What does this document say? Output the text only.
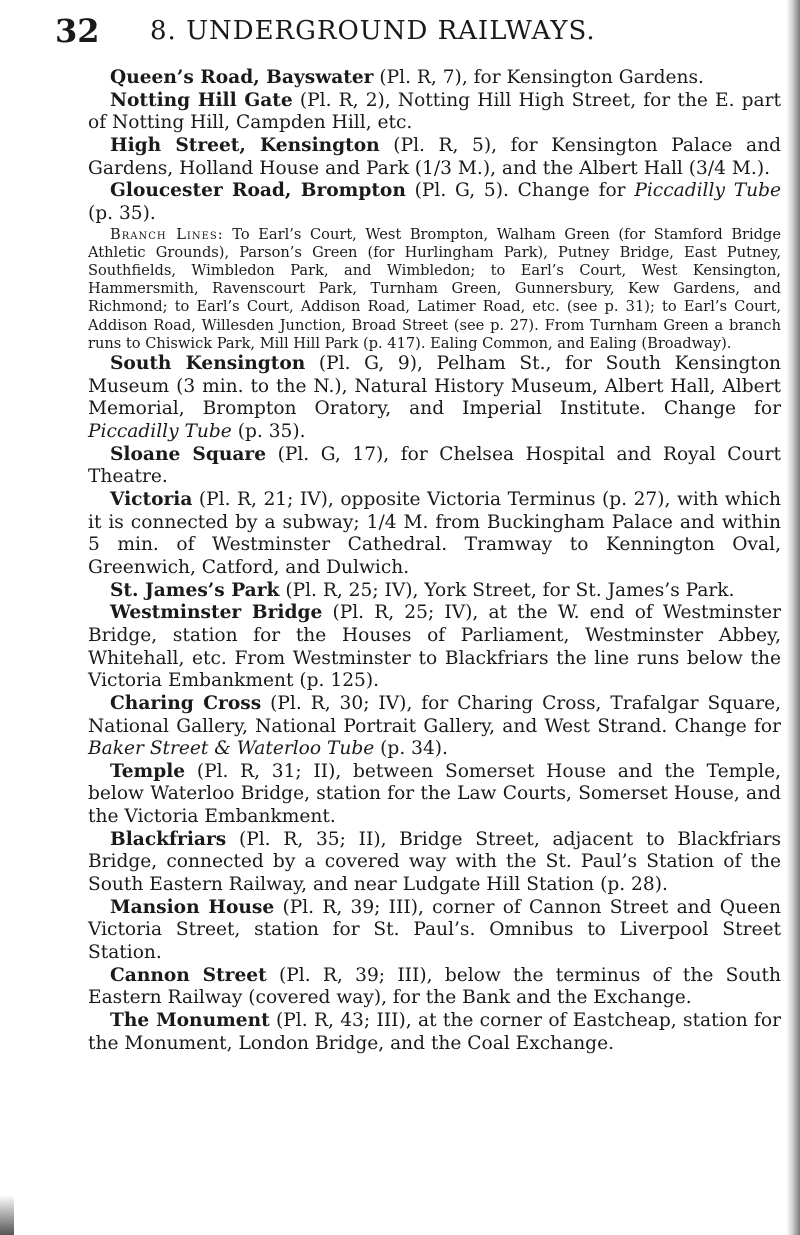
32 8. UNDERGROUND RAILWAYS.

Queen’s Road, Bayswater (Pl. R, 7), for Kensington Gardens.

Notting Hill Gate (Pl. R, 2), Notting Hill High Street, for the E. part of Notting Hill, Campden Hill, etc.

High Street, Kensington (Pl. R, 5), for Kensington Palace and Gardens, Holland House and Park (1/3 M.), and the Albert Hall (3/4 M.).

Gloucester Road, Brompton (Pl. G, 5). Change for Piccadilly Tube (p. 35).

Branch Lines: To Earl’s Court, West Brompton, Walham Green (for Stamford Bridge Athletic Grounds), Parson’s Green (for Hurlingham Park), Putney Bridge, East Putney, Southfields, Wimbledon Park, and Wimbledon; to Earl’s Court, West Kensington, Hammersmith, Ravenscourt Park, Turnham Green, Gunnersbury, Kew Gardens, and Richmond; to Earl’s Court, Addison Road, Latimer Road, etc. (see p. 31); to Earl’s Court, Addison Road, Willesden Junction, Broad Street (see p. 27). From Turnham Green a branch runs to Chiswick Park, Mill Hill Park (p. 417). Ealing Common, and Ealing (Broadway).

South Kensington (Pl. G, 9), Pelham St., for South Kensington Museum (3 min. to the N.), Natural History Museum, Albert Hall, Albert Memorial, Brompton Oratory, and Imperial Institute. Change for Piccadilly Tube (p. 35).

Sloane Square (Pl. G, 17), for Chelsea Hospital and Royal Court Theatre.

Victoria (Pl. R, 21; IV), opposite Victoria Terminus (p. 27), with which it is connected by a subway; 1/4 M. from Buckingham Palace and within 5 min. of Westminster Cathedral. Tramway to Kennington Oval, Greenwich, Catford, and Dulwich.

St. James’s Park (Pl. R, 25; IV), York Street, for St. James’s Park.

Westminster Bridge (Pl. R, 25; IV), at the W. end of Westminster Bridge, station for the Houses of Parliament, Westminster Abbey, Whitehall, etc. From Westminster to Blackfriars the line runs below the Victoria Embankment (p. 125).

Charing Cross (Pl. R, 30; IV), for Charing Cross, Trafalgar Square, National Gallery, National Portrait Gallery, and West Strand. Change for Baker Street & Waterloo Tube (p. 34).

Temple (Pl. R, 31; II), between Somerset House and the Temple, below Waterloo Bridge, station for the Law Courts, Somerset House, and the Victoria Embankment.

Blackfriars (Pl. R, 35; II), Bridge Street, adjacent to Blackfriars Bridge, connected by a covered way with the St. Paul’s Station of the South Eastern Railway, and near Ludgate Hill Station (p. 28).

Mansion House (Pl. R, 39; III), corner of Cannon Street and Queen Victoria Street, station for St. Paul’s. Omnibus to Liverpool Street Station.

Cannon Street (Pl. R, 39; III), below the terminus of the South Eastern Railway (covered way), for the Bank and the Exchange.

The Monument (Pl. R, 43; III), at the corner of Eastcheap, station for the Monument, London Bridge, and the Coal Exchange.
